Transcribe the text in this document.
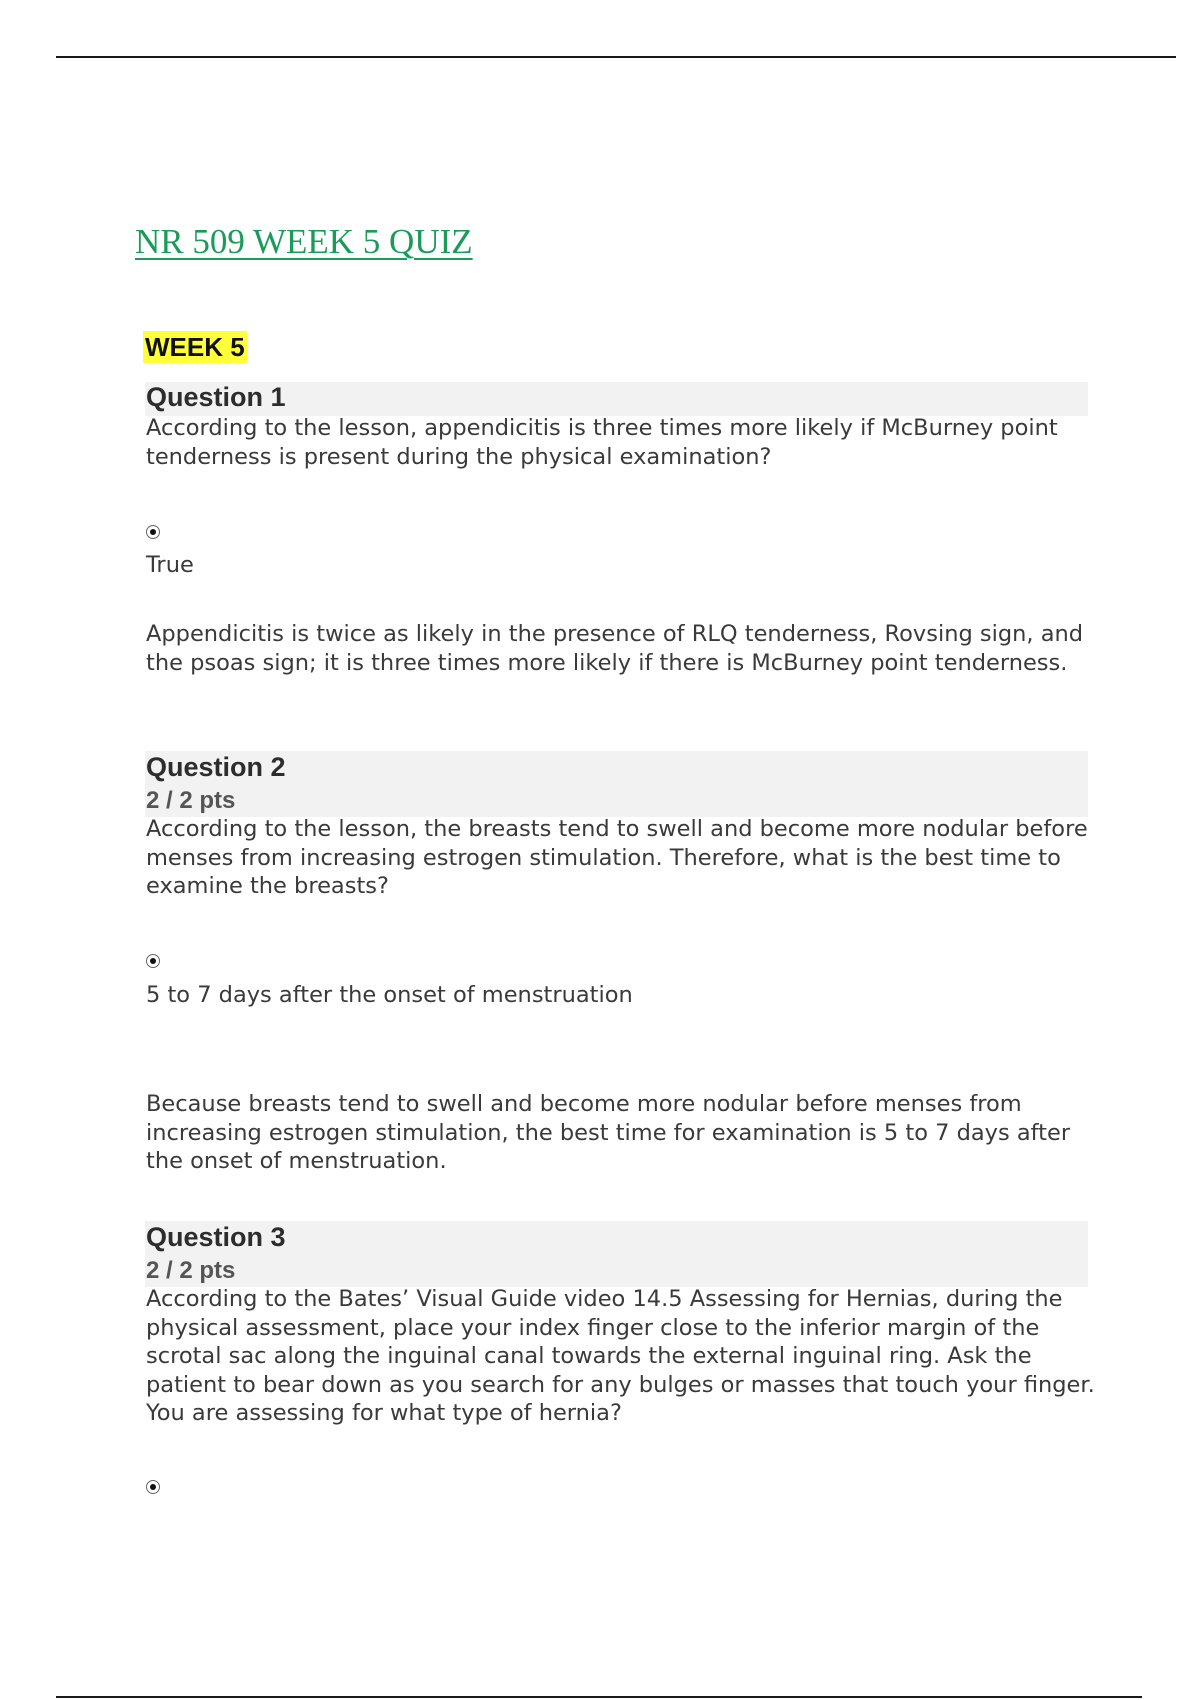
NR 509 WEEK 5 QUIZ
WEEK 5
Question 1

According to the lesson, appendicitis is three times more likely if McBurney point tenderness is present during the physical examination?

True

Appendicitis is twice as likely in the presence of RLQ tenderness, Rovsing sign, and the psoas sign; it is three times more likely if there is McBurney point tenderness.

Question 2
2 / 2 pts

According to the lesson, the breasts tend to swell and become more nodular before menses from increasing estrogen stimulation. Therefore, what is the best time to examine the breasts?

5 to 7 days after the onset of menstruation

Because breasts tend to swell and become more nodular before menses from increasing estrogen stimulation, the best time for examination is 5 to 7 days after the onset of menstruation.

Question 3
2 / 2 pts

According to the Bates’ Visual Guide video 14.5 Assessing for Hernias, during the physical assessment, place your index finger close to the inferior margin of the scrotal sac along the inguinal canal towards the external inguinal ring. Ask the patient to bear down as you search for any bulges or masses that touch your finger. You are assessing for what type of hernia?
